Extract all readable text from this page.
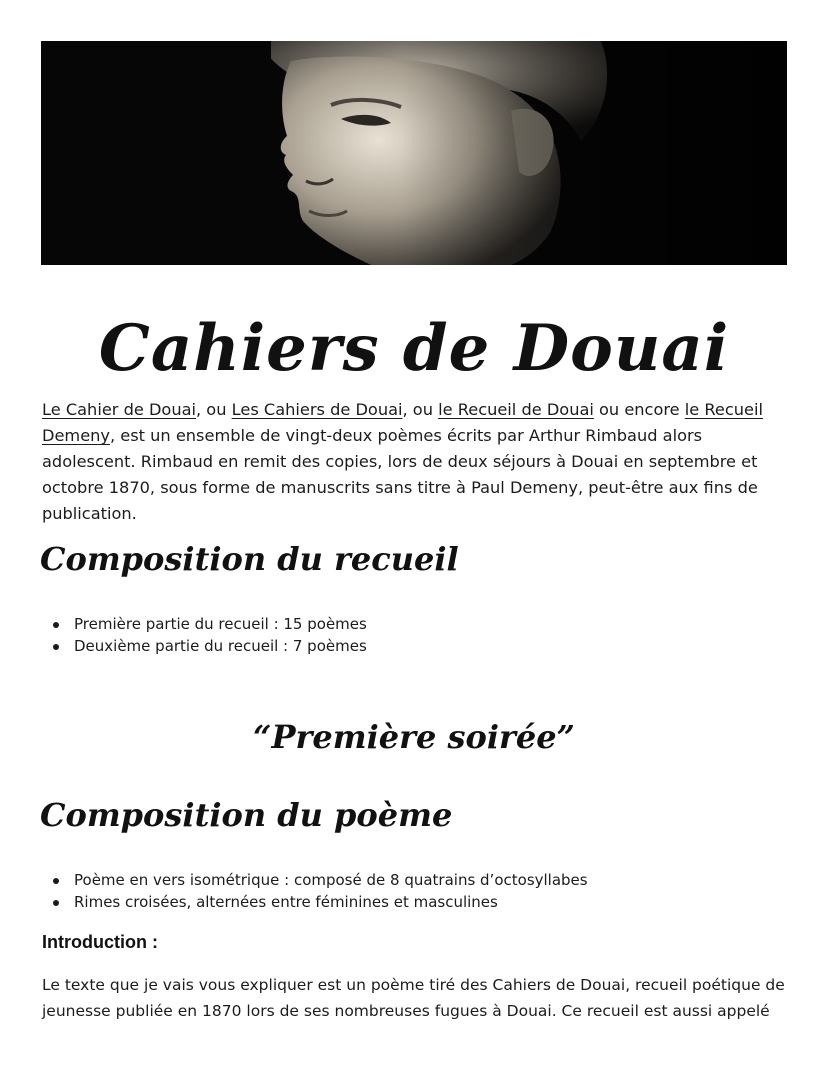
Cahiers de Douai

Le Cahier de Douai, ou Les Cahiers de Douai, ou le Recueil de Douai ou encore le Recueil Demeny, est un ensemble de vingt-deux poèmes écrits par Arthur Rimbaud alors adolescent. Rimbaud en remit des copies, lors de deux séjours à Douai en septembre et octobre 1870, sous forme de manuscrits sans titre à Paul Demeny, peut-être aux fins de publication.

Composition du recueil
Première partie du recueil : 15 poèmes
Deuxième partie du recueil : 7 poèmes
“Première soirée”
Composition du poème
Poème en vers isométrique : composé de 8 quatrains d’octosyllabes
Rimes croisées, alternées entre féminines et masculines
Introduction :

Le texte que je vais vous expliquer est un poème tiré des Cahiers de Douai, recueil poétique de jeunesse publiée en 1870 lors de ses nombreuses fugues à Douai. Ce recueil est aussi appelé
